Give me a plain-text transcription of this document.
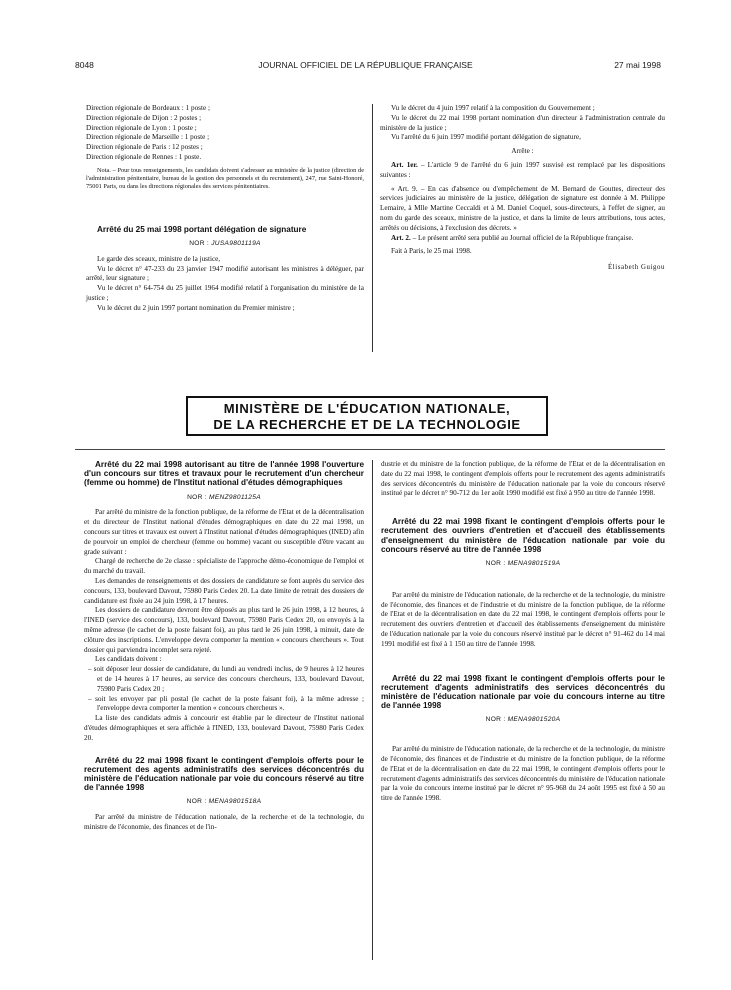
8048	JOURNAL OFFICIEL DE LA RÉPUBLIQUE FRANÇAISE	27 mai 1998
Direction régionale de Bordeaux : 1 poste ;
Direction régionale de Dijon : 2 postes ;
Direction régionale de Lyon : 1 poste ;
Direction régionale de Marseille : 1 poste ;
Direction régionale de Paris : 12 postes ;
Direction régionale de Rennes : 1 poste.

Nota. – Pour tous renseignements, les candidats doivent s'adresser au ministère de la justice (direction de l'administration pénitentiaire, bureau de la gestion des personnels et du recrutement), 247, rue Saint-Honoré, 75001 Paris, ou dans les directions régionales des services pénitentiaires.

Arrêté du 25 mai 1998 portant délégation de signature

NOR : JUSA9801119A

Le garde des sceaux, ministre de la justice,

Vu le décret n° 47-233 du 23 janvier 1947 modifié autorisant les ministres à déléguer, par arrêté, leur signature ;

Vu le décret n° 64-754 du 25 juillet 1964 modifié relatif à l'organisation du ministère de la justice ;

Vu le décret du 2 juin 1997 portant nomination du Premier ministre ;

Vu le décret du 4 juin 1997 relatif à la composition du Gouvernement ;

Vu le décret du 22 mai 1998 portant nomination d'un directeur à l'administration centrale du ministère de la justice ;

Vu l'arrêté du 6 juin 1997 modifié portant délégation de signature,

Arrête :

Art. 1er. – L'article 9 de l'arrêté du 6 juin 1997 susvisé est remplacé par les dispositions suivantes :

« Art. 9. – En cas d'absence ou d'empêchement de M. Bernard de Gouttes, directeur des services judiciaires au ministère de la justice, délégation de signature est donnée à M. Philippe Lemaire, à Mlle Martine Ceccaldi et à M. Daniel Coquel, sous-directeurs, à l'effet de signer, au nom du garde des sceaux, ministre de la justice, et dans la limite de leurs attributions, tous actes, arrêtés ou décisions, à l'exclusion des décrets. »

Art. 2. – Le présent arrêté sera publié au Journal officiel de la République française.

Fait à Paris, le 25 mai 1998.

Élisabeth Guigou
MINISTÈRE DE L'ÉDUCATION NATIONALE,
DE LA RECHERCHE ET DE LA TECHNOLOGIE

Arrêté du 22 mai 1998 autorisant au titre de l'année 1998 l'ouverture d'un concours sur titres et travaux pour le recrutement d'un chercheur (femme ou homme) de l'Institut national d'études démographiques

NOR : MENZ9801125A

Par arrêté du ministre de la fonction publique, de la réforme de l'Etat et de la décentralisation et du directeur de l'Institut national d'études démographiques en date du 22 mai 1998, un concours sur titres et travaux est ouvert à l'Institut national d'études démographiques (INED) afin de pourvoir un emploi de chercheur (femme ou homme) vacant ou susceptible d'être vacant au grade suivant :

Chargé de recherche de 2e classe : spécialiste de l'approche démo-économique de l'emploi et du marché du travail.

Les demandes de renseignements et des dossiers de candidature se font auprès du service des concours, 133, boulevard Davout, 75980 Paris Cedex 20. La date limite de retrait des dossiers de candidature est fixée au 24 juin 1998, à 17 heures.

Les dossiers de candidature devront être déposés au plus tard le 26 juin 1998, à 12 heures, à l'INED (service des concours), 133, boulevard Davout, 75980 Paris Cedex 20, ou envoyés à la même adresse (le cachet de la poste faisant foi), au plus tard le 26 juin 1998, à minuit, date de clôture des inscriptions. L'enveloppe devra comporter la mention « concours chercheurs ». Tout dossier qui parviendra incomplet sera rejeté.

Les candidats doivent :

– soit déposer leur dossier de candidature, du lundi au vendredi inclus, de 9 heures à 12 heures et de 14 heures à 17 heures, au service des concours chercheurs, 133, boulevard Davout, 75980 Paris Cedex 20 ;

– soit les envoyer par pli postal (le cachet de la poste faisant foi), à la même adresse ; l'enveloppe devra comporter la mention « concours chercheurs ».

La liste des candidats admis à concourir est établie par le directeur de l'Institut national d'études démographiques et sera affichée à l'INED, 133, boulevard Davout, 75980 Paris Cedex 20.

Arrêté du 22 mai 1998 fixant le contingent d'emplois offerts pour le recrutement des agents administratifs des services déconcentrés du ministère de l'éducation nationale par voie du concours réservé au titre de l'année 1998

NOR : MENA9801518A

Par arrêté du ministre de l'éducation nationale, de la recherche et de la technologie, du ministre de l'économie, des finances et de l'in-

dustrie et du ministre de la fonction publique, de la réforme de l'Etat et de la décentralisation en date du 22 mai 1998, le contingent d'emplois offerts pour le recrutement des agents administratifs des services déconcentrés du ministère de l'éducation nationale par la voie du concours réservé institué par le décret n° 90-712 du 1er août 1990 modifié est fixé à 950 au titre de l'année 1998.

Arrêté du 22 mai 1998 fixant le contingent d'emplois offerts pour le recrutement des ouvriers d'entretien et d'accueil des établissements d'enseignement du ministère de l'éducation nationale par voie du concours réservé au titre de l'année 1998

NOR : MENA9801519A

Par arrêté du ministre de l'éducation nationale, de la recherche et de la technologie, du ministre de l'économie, des finances et de l'industrie et du ministre de la fonction publique, de la réforme de l'Etat et de la décentralisation en date du 22 mai 1998, le contingent d'emplois offerts pour le recrutement des ouvriers d'entretien et d'accueil des établissements d'enseignement du ministère de l'éducation nationale par la voie du concours réservé institué par le décret n° 91-462 du 14 mai 1991 modifié est fixé à 1 150 au titre de l'année 1998.

Arrêté du 22 mai 1998 fixant le contingent d'emplois offerts pour le recrutement d'agents administratifs des services déconcentrés du ministère de l'éducation nationale par voie du concours interne au titre de l'année 1998

NOR : MENA9801520A

Par arrêté du ministre de l'éducation nationale, de la recherche et de la technologie, du ministre de l'économie, des finances et de l'industrie et du ministre de la fonction publique, de la réforme de l'Etat et de la décentralisation en date du 22 mai 1998, le contingent d'emplois offerts pour le recrutement d'agents administratifs des services déconcentrés du ministère de l'éducation nationale par la voie du concours interne institué par le décret n° 95-968 du 24 août 1995 est fixé à 50 au titre de l'année 1998.
